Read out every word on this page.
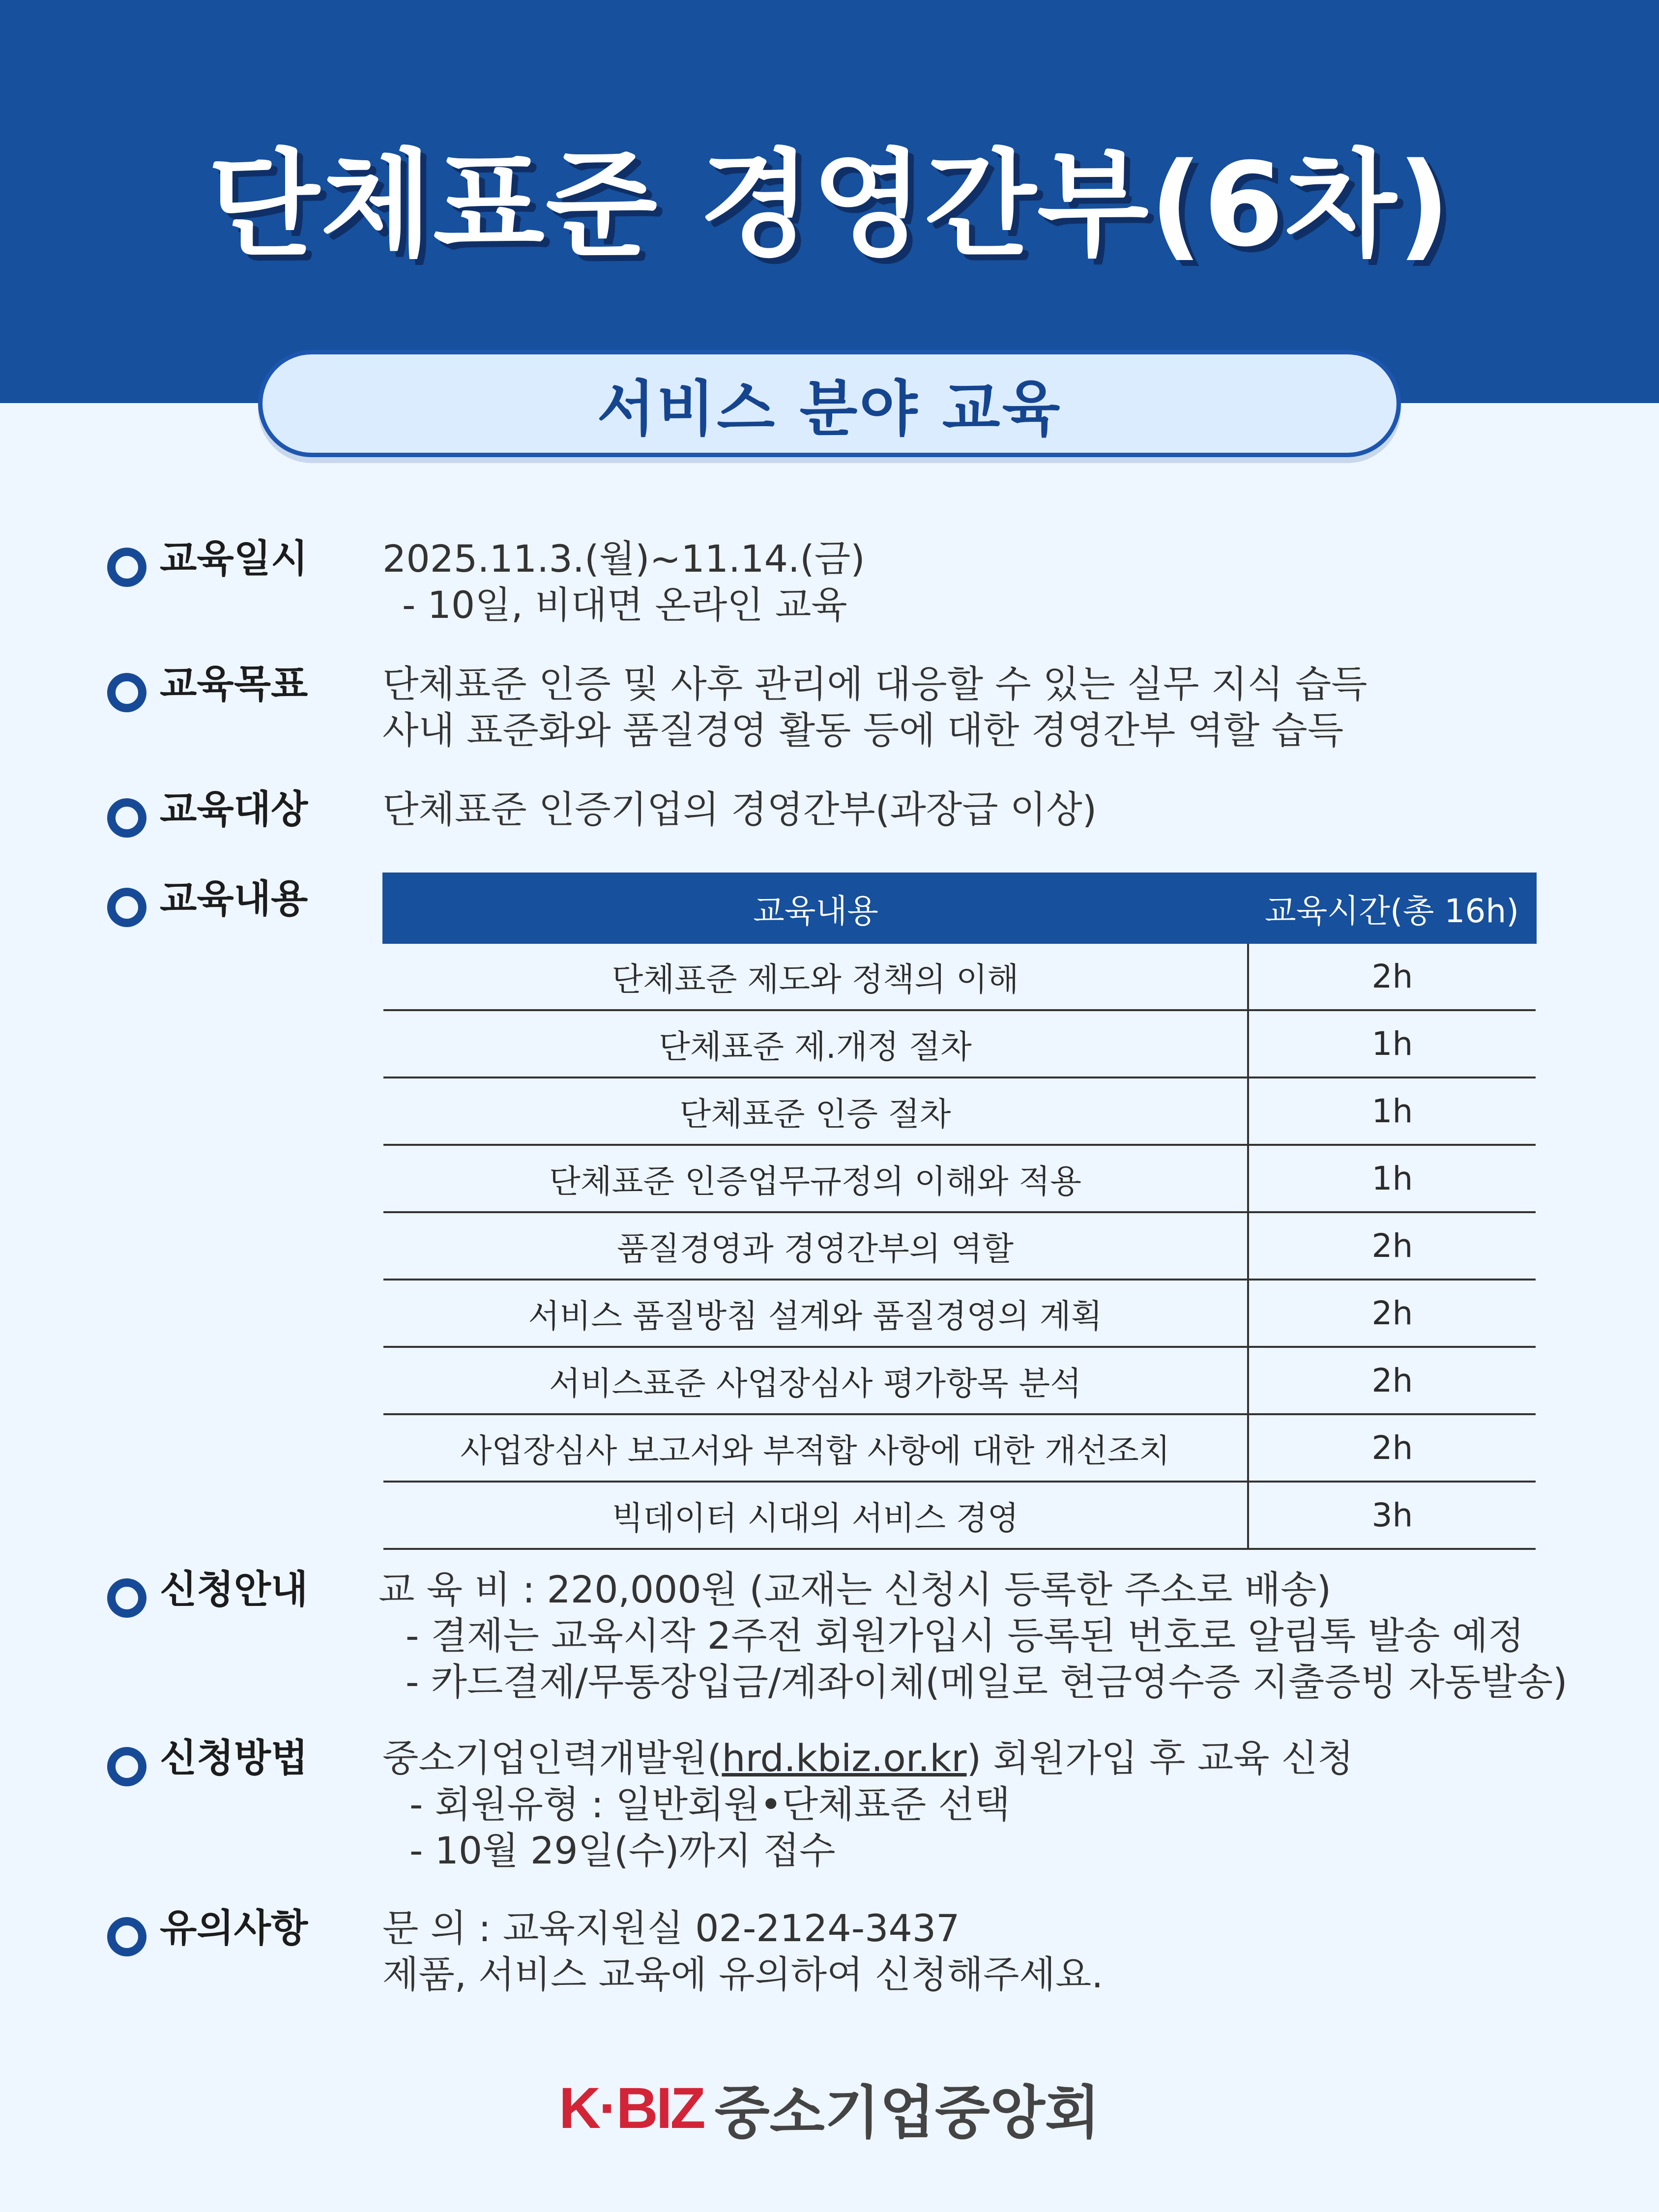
단체표준 경영간부(6차)
서비스 분야 교육
교육일시 2025.11.3.(월)~11.14.(금)
- 10일, 비대면 온라인 교육
교육목표 단체표준 인증 및 사후 관리에 대응할 수 있는 실무 지식 습득
사내 표준화와 품질경영 활동 등에 대한 경영간부 역할 습득
교육대상 단체표준 인증기업의 경영간부(과장급 이상)
교육내용	교육내용	교육시간(총 16h)
단체표준 제도와 정책의 이해	2h
단체표준 제.개정 절차	1h
단체표준 인증 절차	1h
단체표준 인증업무규정의 이해와 적용	1h
품질경영과 경영간부의 역할	2h
서비스 품질방침 설계와 품질경영의 계획	2h
서비스표준 사업장심사 평가항목 분석	2h
사업장심사 보고서와 부적합 사항에 대한 개선조치	2h
빅데이터 시대의 서비스 경영	3h
신청안내 교 육 비 : 220,000원 (교재는 신청시 등록한 주소로 배송)
- 결제는 교육시작 2주전 회원가입시 등록된 번호로 알림톡 발송 예정
- 카드결제/무통장입금/계좌이체(메일로 현금영수증 지출증빙 자동발송)
신청방법 중소기업인력개발원(hrd.kbiz.or.kr) 회원가입 후 교육 신청
- 회원유형 : 일반회원•단체표준 선택
- 10월 29일(수)까지 접수
유의사항 문 의 : 교육지원실 02-2124-3437
제품, 서비스 교육에 유의하여 신청해주세요.
K·BIZ 중소기업중앙회
